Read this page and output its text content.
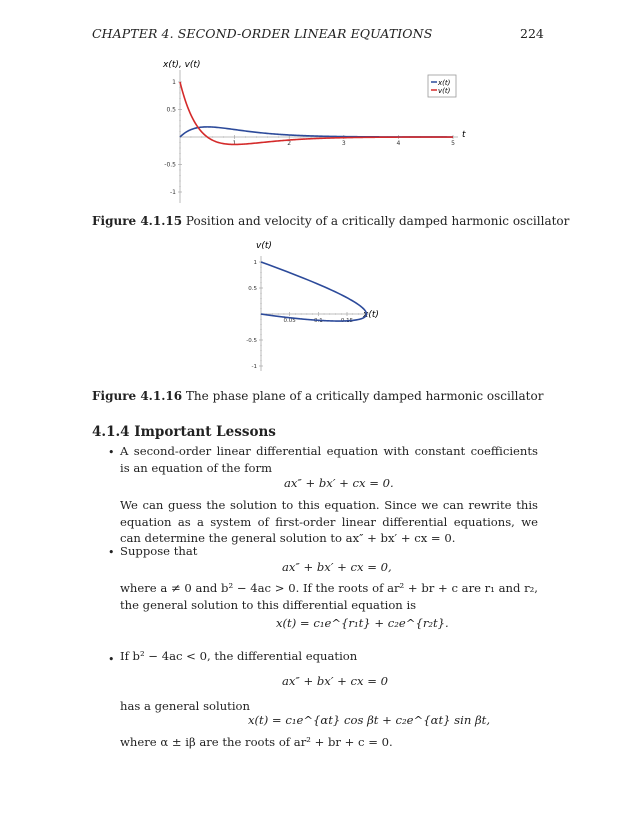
CHAPTER 4. SECOND-ORDER LINEAR EQUATIONS	224
x(t), v(t)
t
1	2	3	4	5
1
0.5
-0.5
-1
x(t)
v(t)
Figure 4.1.15 Position and velocity of a critically damped harmonic oscillator
v(t)
x(t)
0.05	0.1	0.15
1
0.5
-0.5
-1
Figure 4.1.16 The phase plane of a critically damped harmonic oscillator
4.1.4 Important Lessons
• A second-order linear differential equation with constant coefficients is an equation of the form
ax″ + bx′ + cx = 0.
We can guess the solution to this equation. Since we can rewrite this equation as a system of first-order linear differential equations, we can determine the general solution to ax″ + bx′ + cx = 0.
• Suppose that
ax″ + bx′ + cx = 0,
where a ≠ 0 and b² − 4ac > 0. If the roots of ar² + br + c are r₁ and r₂, the general solution to this differential equation is
x(t) = c₁e^{r₁t} + c₂e^{r₂t}.
• If b² − 4ac < 0, the differential equation
ax″ + bx′ + cx = 0
has a general solution
x(t) = c₁e^{αt} cos βt + c₂e^{αt} sin βt,
where α ± iβ are the roots of ar² + br + c = 0.
